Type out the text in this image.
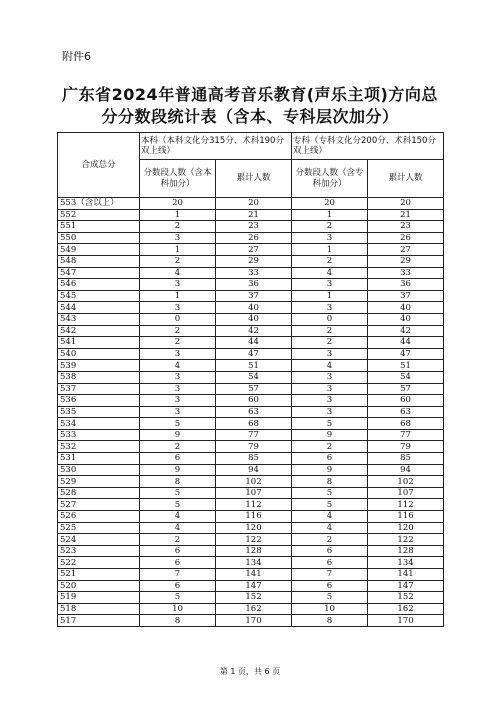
附件6
广东省2024年普通高考音乐教育(声乐主项)方向总
分分数段统计表（含本、专科层次加分）
合成总分	本科（本科文化分315分、术科190分双上线）		专科（专科文化分200分、术科150分双上线）	
	分数段人数（含本科加分）	累计人数	分数段人数（含专科加分）	累计人数
553（含以上）	20	20	20	20
552	1	21	1	21
551	2	23	2	23
550	3	26	3	26
549	1	27	1	27
548	2	29	2	29
547	4	33	4	33
546	3	36	3	36
545	1	37	1	37
544	3	40	3	40
543	0	40	0	40
542	2	42	2	42
541	2	44	2	44
540	3	47	3	47
539	4	51	4	51
538	3	54	3	54
537	3	57	3	57
536	3	60	3	60
535	3	63	3	63
534	5	68	5	68
533	9	77	9	77
532	2	79	2	79
531	6	85	6	85
530	9	94	9	94
529	8	102	8	102
528	5	107	5	107
527	5	112	5	112
526	4	116	4	116
525	4	120	4	120
524	2	122	2	122
523	6	128	6	128
522	6	134	6	134
521	7	141	7	141
520	6	147	6	147
519	5	152	5	152
518	10	162	10	162
517	8	170	8	170
第 1 页，共 6 页
